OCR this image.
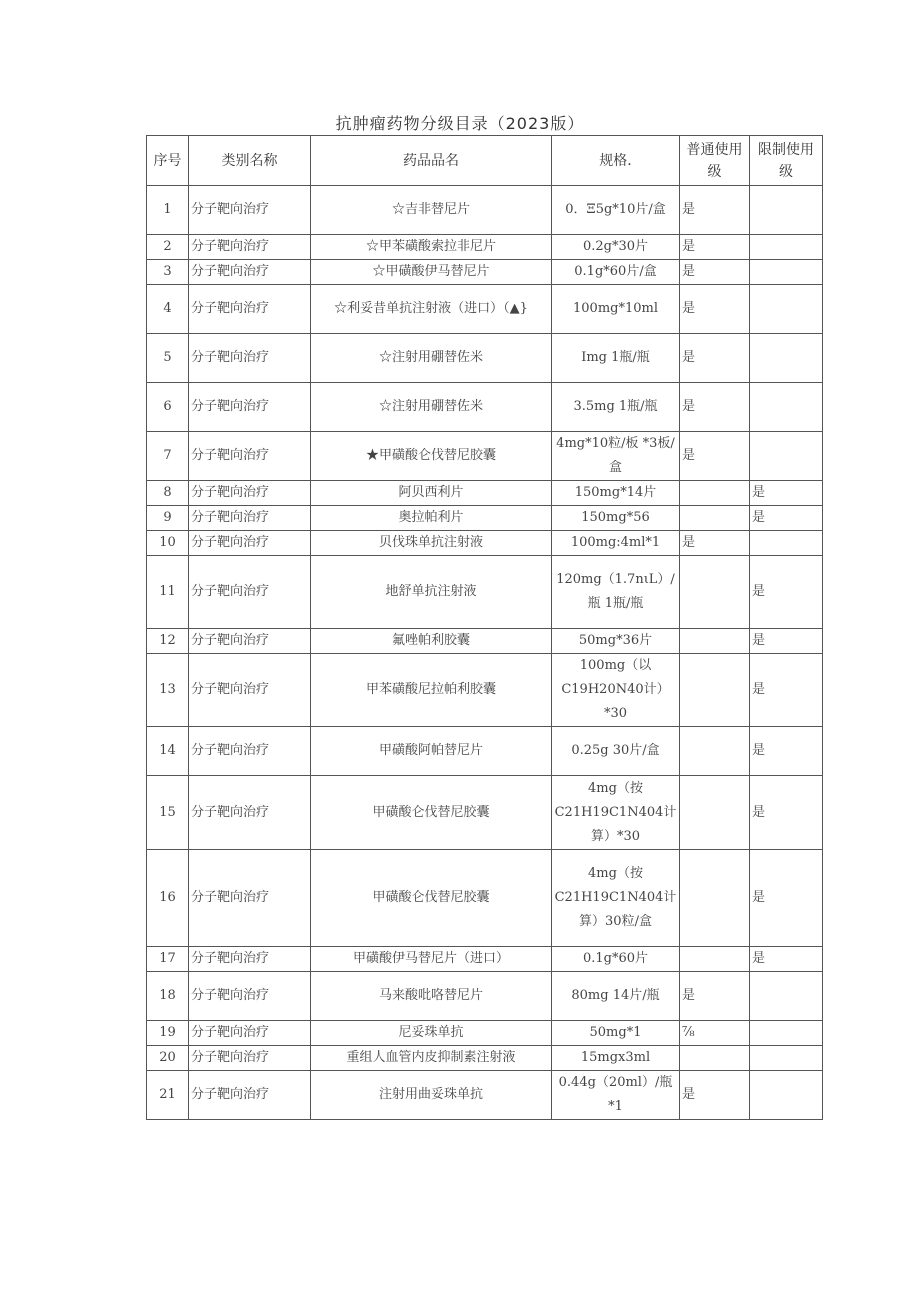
抗肿瘤药物分级目录（2023版）
序号	类别名称	药品品名	规格.	普通使用级	限制使用级
1	分子靶向治疗	☆吉非替尼片	0．Ξ5g*10片/盒	是	
2	分子靶向治疗	☆甲苯磺酸索拉非尼片	0.2g*30片	是	
3	分子靶向治疗	☆甲磺酸伊马替尼片	0.1g*60片/盒	是	
4	分子靶向治疗	☆利妥昔单抗注射液（进口）（▲}	100mg*10ml	是	
5	分子靶向治疗	☆注射用硼替佐米	Img 1瓶/瓶	是	
6	分子靶向治疗	☆注射用硼替佐米	3.5mg 1瓶/瓶	是	
7	分子靶向治疗	★甲磺酸仑伐替尼胶囊	4mg*10粒/板 *3板/盒	是	
8	分子靶向治疗	阿贝西利片	150mg*14片		是
9	分子靶向治疗	奥拉帕利片	150mg*56		是
10	分子靶向治疗	贝伐珠单抗注射液	100mg:4ml*1	是	
11	分子靶向治疗	地舒单抗注射液	120mg（1.7nιL）/瓶 1瓶/瓶		是
12	分子靶向治疗	氟唑帕利胶囊	50mg*36片		是
13	分子靶向治疗	甲苯磺酸尼拉帕利胶囊	100mg（以C19H20N40计）*30		是
14	分子靶向治疗	甲磺酸阿帕替尼片	0.25g 30片/盒		是
15	分子靶向治疗	甲磺酸仑伐替尼胶囊	4mg（按C21H19C1N404计算）*30		是
16	分子靶向治疗	甲磺酸仑伐替尼胶囊	4mg（按C21H19C1N404计算）30粒/盒		是
17	分子靶向治疗	甲磺酸伊马替尼片（进口）	0.1g*60片		是
18	分子靶向治疗	马来酸吡咯替尼片	80mg 14片/瓶	是	
19	分子靶向治疗	尼妥珠单抗	50mg*1	⅞	
20	分子靶向治疗	重组人血管内皮抑制素注射液	15mgx3ml		
21	分子靶向治疗	注射用曲妥珠单抗	0.44g（20ml）/瓶*1	是	
